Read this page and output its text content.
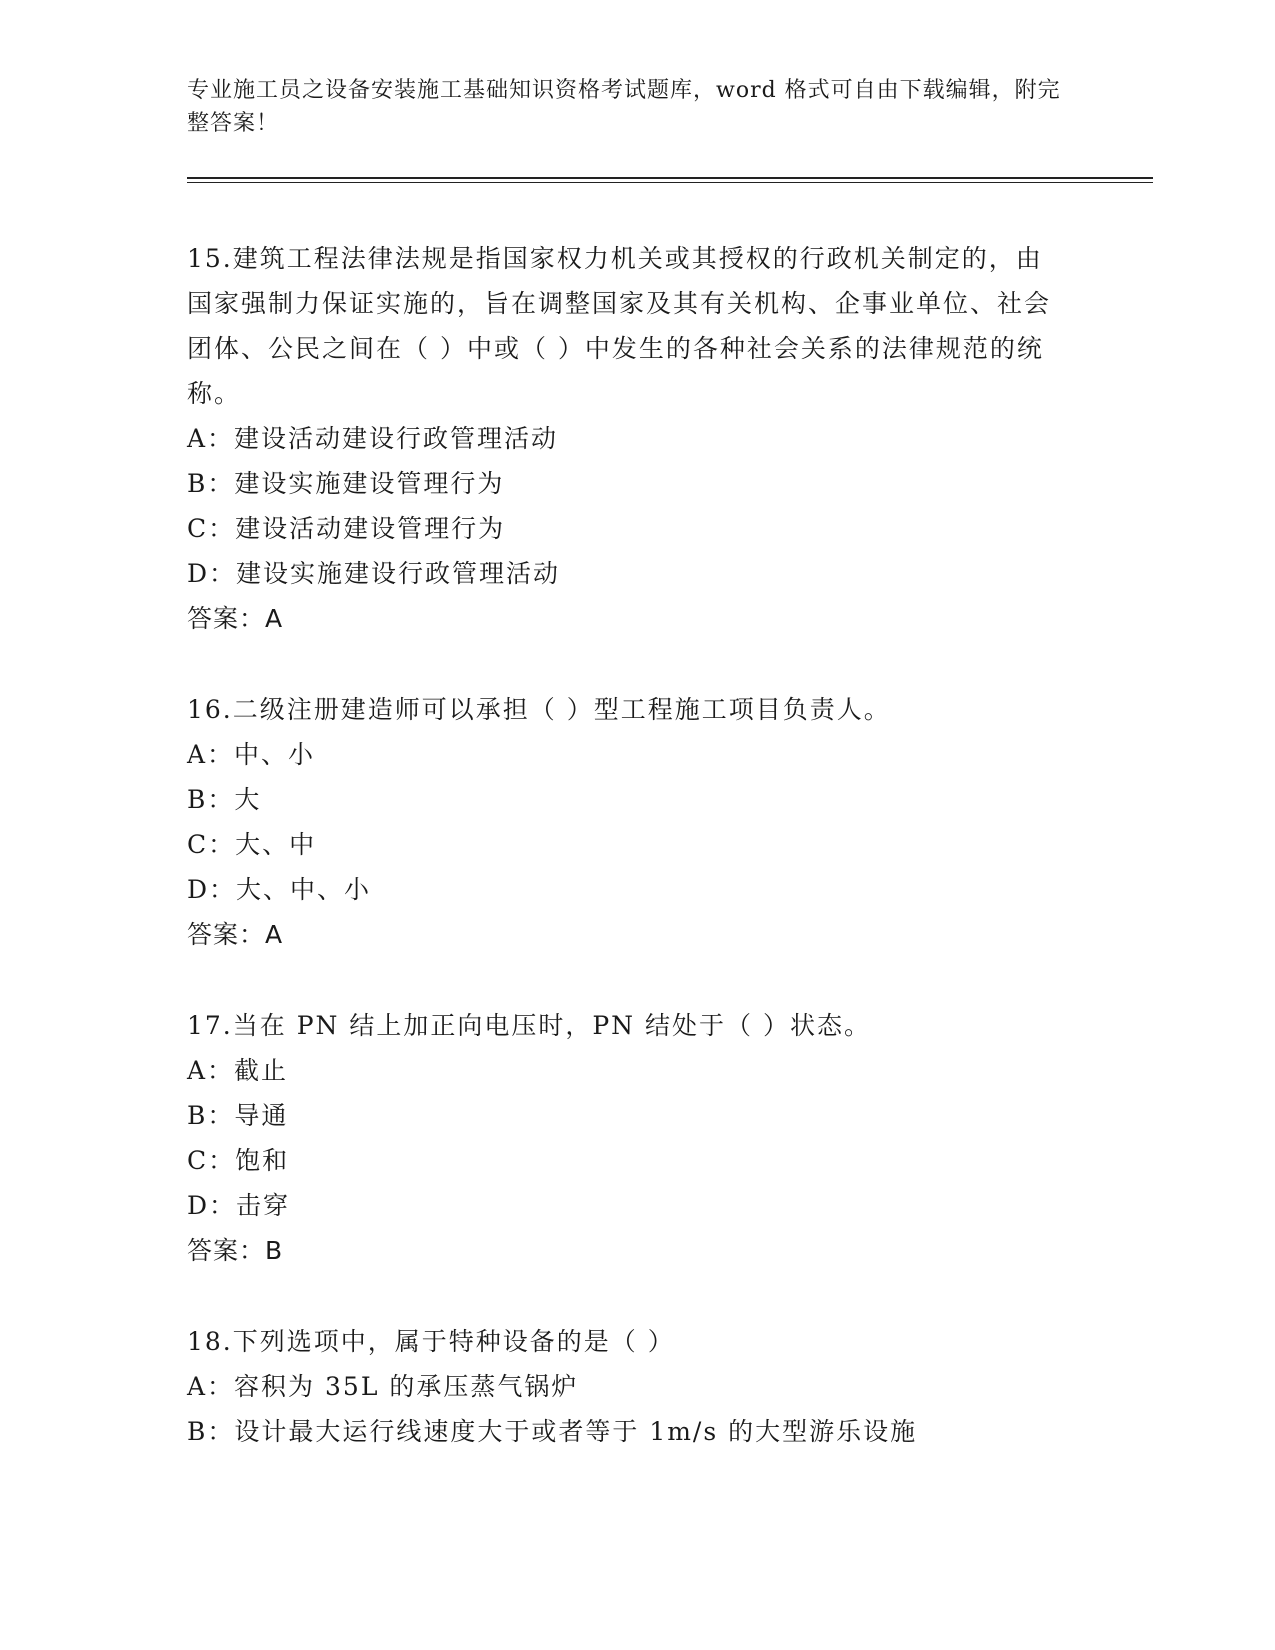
专业施工员之设备安装施工基础知识资格考试题库，word 格式可自由下载编辑，附完整答案！

15.建筑工程法律法规是指国家权力机关或其授权的行政机关制定的，由国家强制力保证实施的，旨在调整国家及其有关机构、企事业单位、社会团体、公民之间在（ ）中或（ ）中发生的各种社会关系的法律规范的统称。

A：建设活动建设行政管理活动

B：建设实施建设管理行为

C：建设活动建设管理行为

D：建设实施建设行政管理活动

答案：A

16.二级注册建造师可以承担（ ）型工程施工项目负责人。

A：中、小

B：大

C：大、中

D：大、中、小

答案：A

17.当在 PN 结上加正向电压时，PN 结处于（ ）状态。

A：截止

B：导通

C：饱和

D：击穿

答案：B

18.下列选项中，属于特种设备的是（ ）

A：容积为 35L 的承压蒸气锅炉

B：设计最大运行线速度大于或者等于 1m/s 的大型游乐设施
